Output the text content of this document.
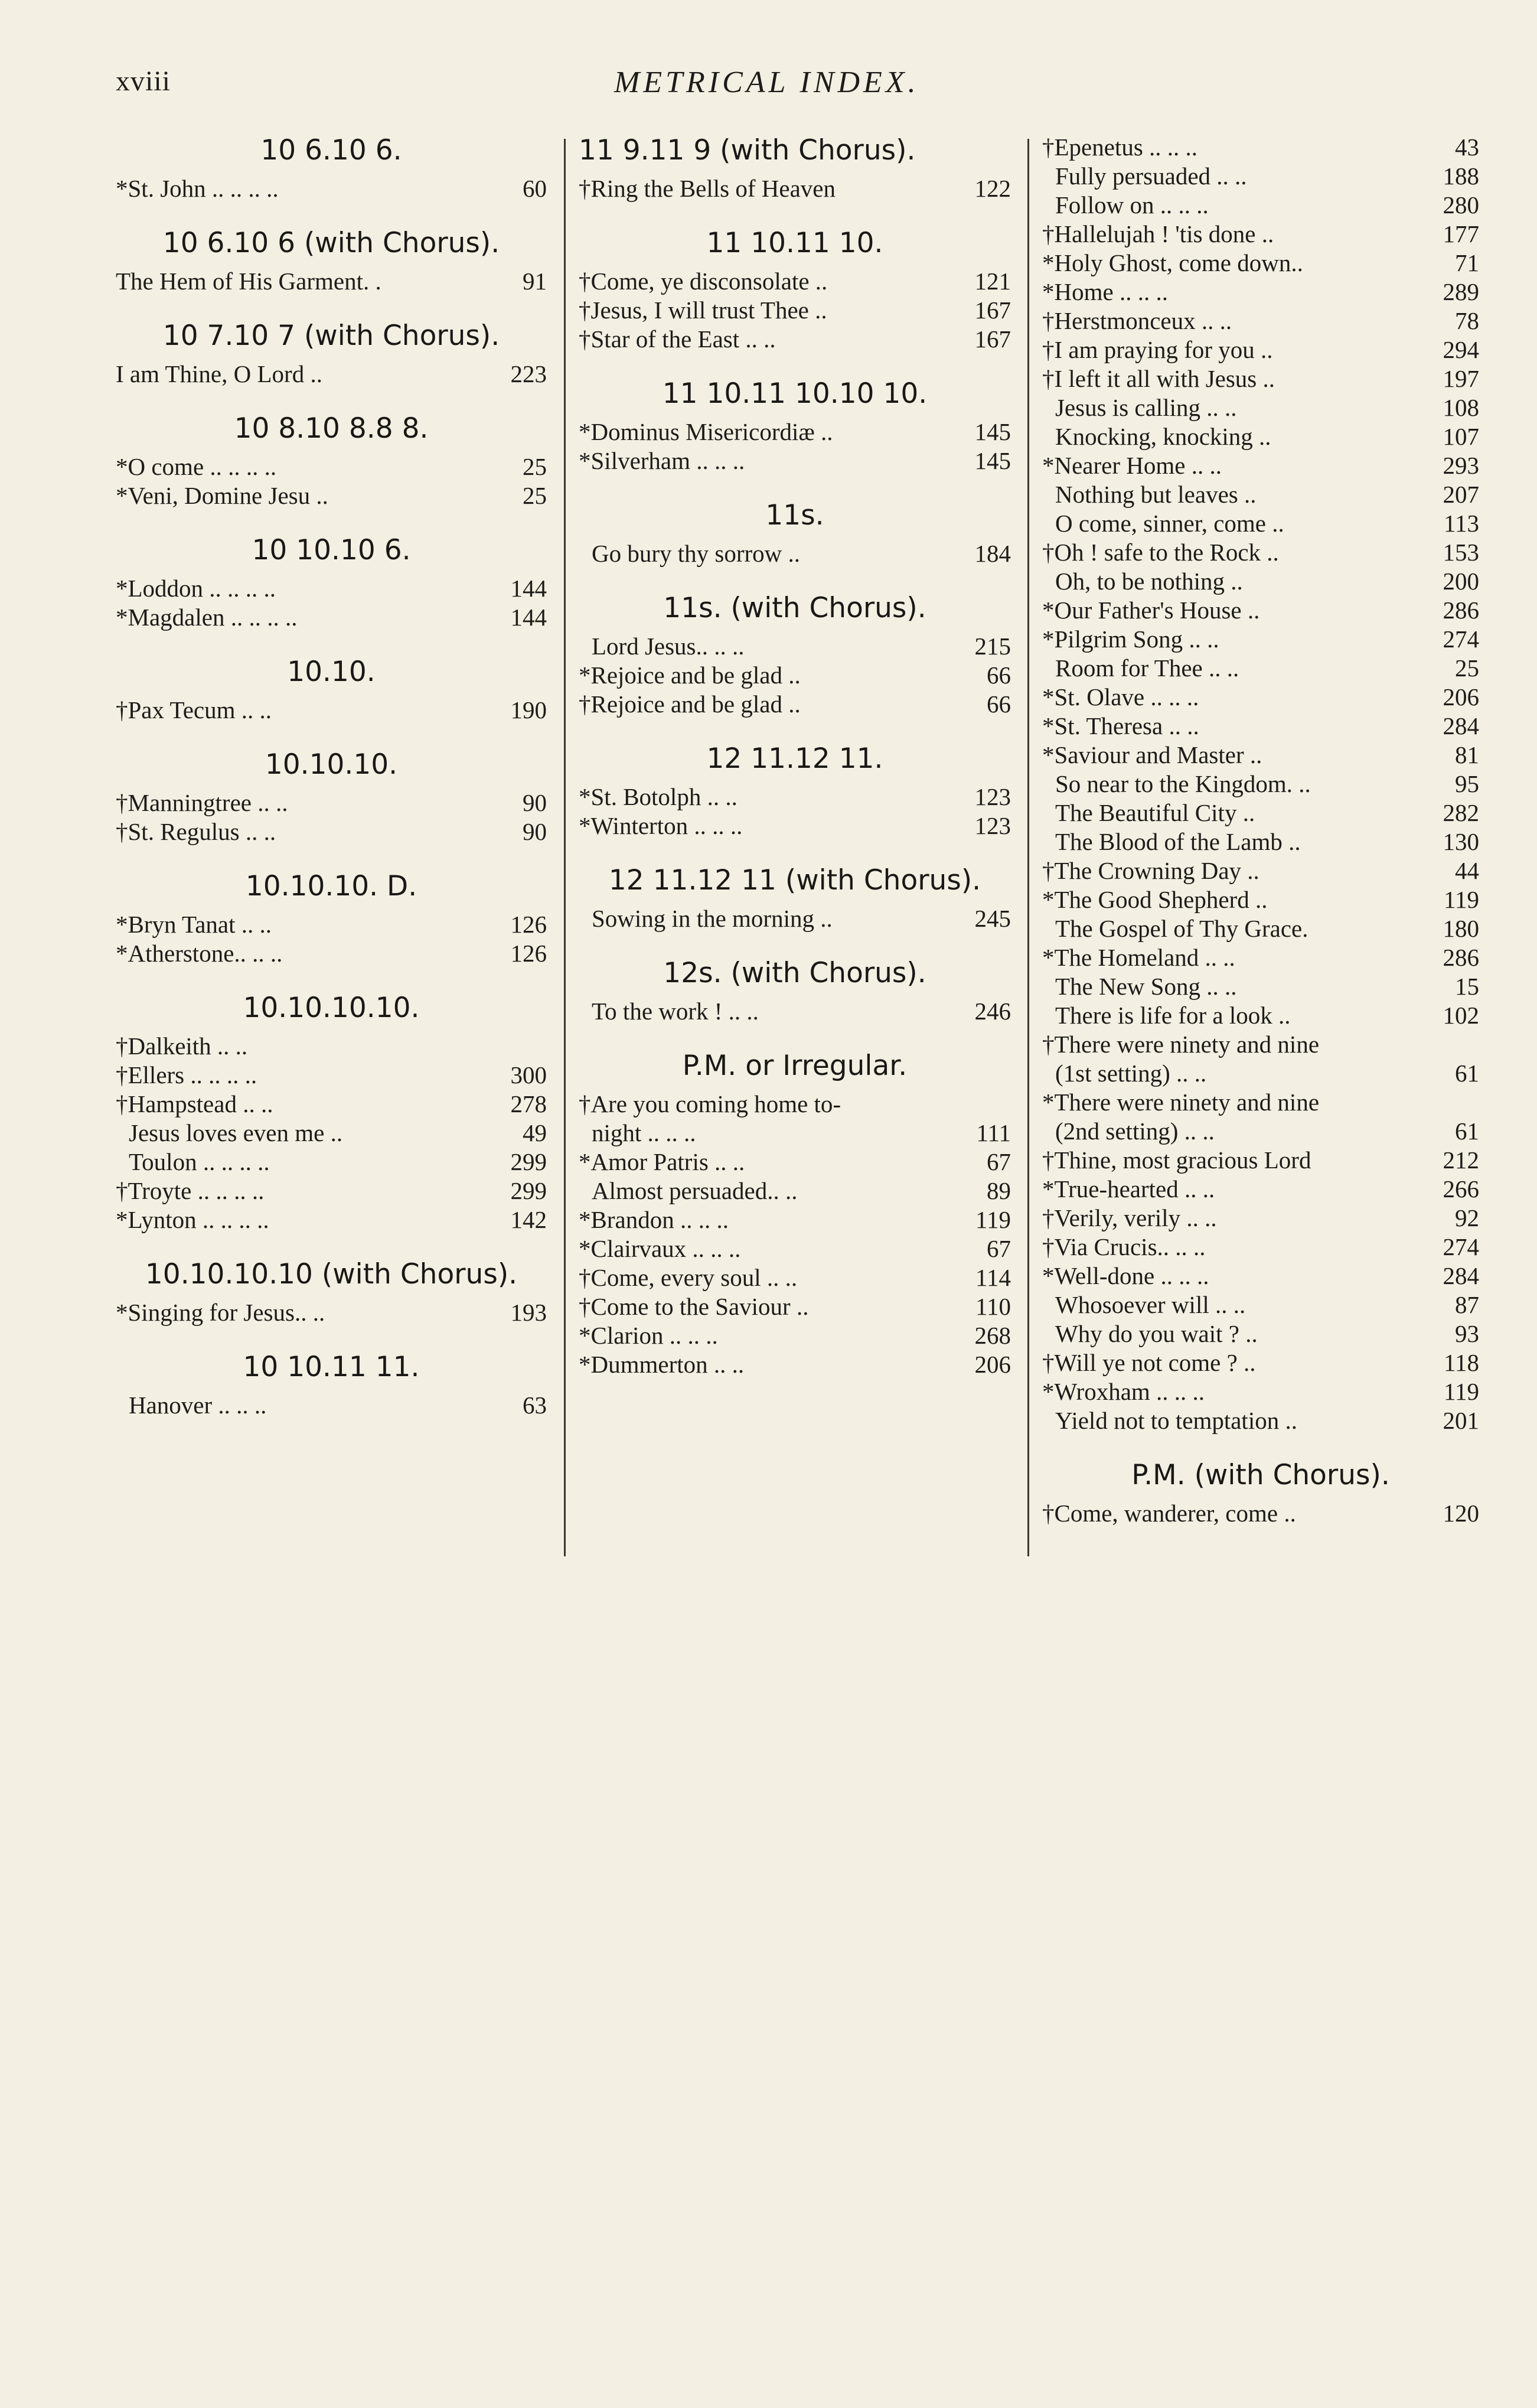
xviii	METRICAL INDEX.
10 6.10 6.
*St. John .. .. .. ..	60
10 6.10 6 (with Chorus).
The Hem of His Garment. .	91
10 7.10 7 (with Chorus).
I am Thine, O Lord ..	223
10 8.10 8.8 8.
*O come .. .. .. ..	25
*Veni, Domine Jesu ..	25
10 10.10 6.
*Loddon .. .. .. ..	144
*Magdalen .. .. .. ..	144
10.10.
†Pax Tecum .. ..	190
10.10.10.
†Manningtree .. ..	90
†St. Regulus .. ..	90
10.10.10. D.
*Bryn Tanat .. ..	126
*Atherstone.. .. ..	126
10.10.10.10.
†Dalkeith .. ..
†Ellers .. .. .. ..	300
†Hampstead .. ..	278
Jesus loves even me ..	49
Toulon .. .. .. ..	299
†Troyte .. .. .. ..	299
*Lynton .. .. .. ..	142
10.10.10.10 (with Chorus).
*Singing for Jesus.. ..	193
10 10.11 11.
Hanover .. .. ..	63
11 9.11 9 (with Chorus).
†Ring the Bells of Heaven	122
11 10.11 10.
†Come, ye disconsolate ..	121
†Jesus, I will trust Thee ..	167
†Star of the East .. ..	167
11 10.11 10.10 10.
*Dominus Misericordiæ ..	145
*Silverham .. .. ..	145
11s.
Go bury thy sorrow ..	184
11s. (with Chorus).
Lord Jesus.. .. ..	215
*Rejoice and be glad ..	66
†Rejoice and be glad ..	66
12 11.12 11.
*St. Botolph .. ..	123
*Winterton .. .. ..	123
12 11.12 11 (with Chorus).
Sowing in the morning ..	245
12s. (with Chorus).
To the work ! .. ..	246
P.M. or Irregular.
†Are you coming home to-
night .. .. ..	111
*Amor Patris .. ..	67
Almost persuaded.. ..	89
*Brandon .. .. ..	119
*Clairvaux .. .. ..	67
†Come, every soul .. ..	114
†Come to the Saviour ..	110
*Clarion .. .. ..	268
*Dummerton .. ..	206
†Epenetus .. .. ..	43
Fully persuaded .. ..	188
Follow on .. .. ..	280
†Hallelujah ! 'tis done ..	177
*Holy Ghost, come down..	71
*Home .. .. ..	289
†Herstmonceux .. ..	78
†I am praying for you ..	294
†I left it all with Jesus ..	197
Jesus is calling .. ..	108
Knocking, knocking ..	107
*Nearer Home .. ..	293
Nothing but leaves ..	207
O come, sinner, come ..	113
†Oh ! safe to the Rock ..	153
Oh, to be nothing ..	200
*Our Father's House ..	286
*Pilgrim Song .. ..	274
Room for Thee .. ..	25
*St. Olave .. .. ..	206
*St. Theresa .. ..	284
*Saviour and Master ..	81
So near to the Kingdom. ..	95
The Beautiful City ..	282
The Blood of the Lamb ..	130
†The Crowning Day ..	44
*The Good Shepherd ..	119
The Gospel of Thy Grace.	180
*The Homeland .. ..	286
The New Song .. ..	15
There is life for a look ..	102
†There were ninety and nine
(1st setting) .. ..	61
*There were ninety and nine
(2nd setting) .. ..	61
†Thine, most gracious Lord	212
*True-hearted .. ..	266
†Verily, verily .. ..	92
†Via Crucis.. .. ..	274
*Well-done .. .. ..	284
Whosoever will .. ..	87
Why do you wait ? ..	93
†Will ye not come ? ..	118
*Wroxham .. .. ..	119
Yield not to temptation ..	201
P.M. (with Chorus).
†Come, wanderer, come ..	120
